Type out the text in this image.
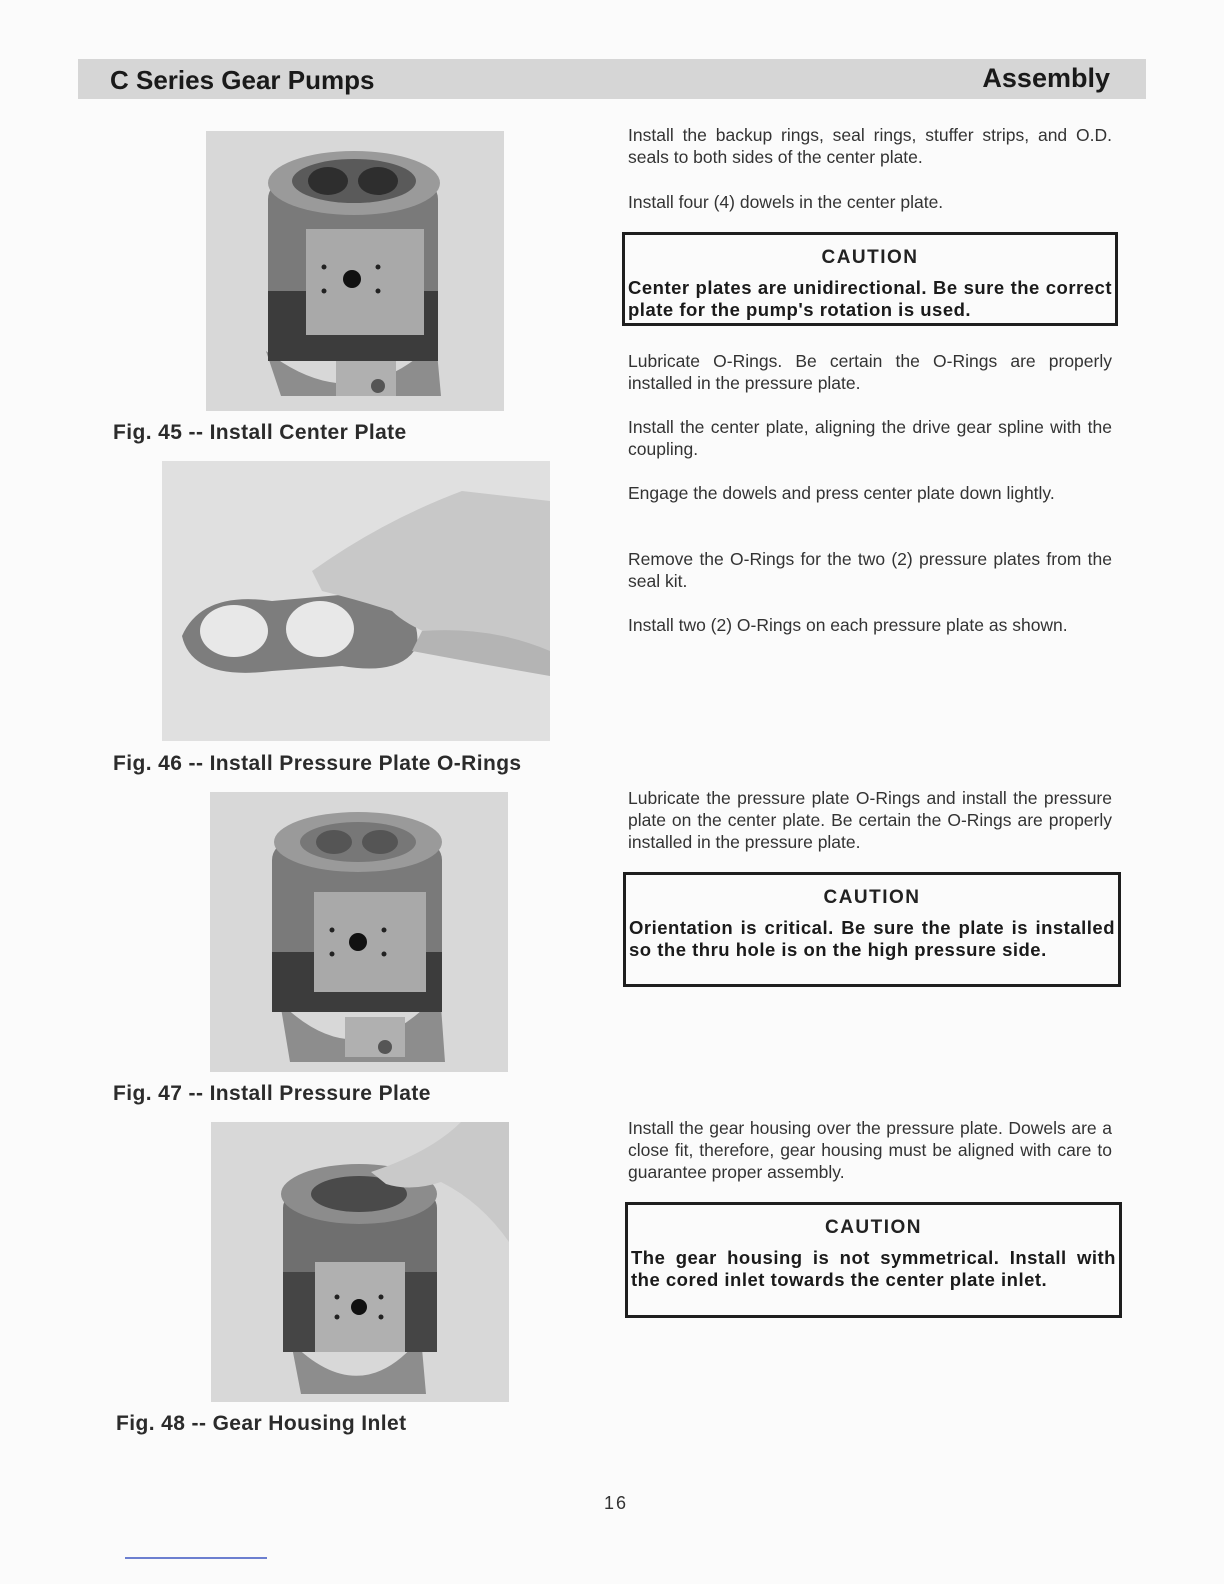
C Series Gear Pumps	Assembly
Fig. 45 -- Install Center Plate
Fig. 46 -- Install Pressure Plate O-Rings
Fig. 47 -- Install Pressure Plate
Fig. 48 -- Gear Housing Inlet

Install the backup rings, seal rings, stuffer strips, and O.D. seals to both sides of the center plate.

Install four (4) dowels in the center plate.

CAUTION
Center plates are unidirectional. Be sure the correct plate for the pump's rotation is used.

Lubricate O-Rings. Be certain the O-Rings are properly installed in the pressure plate.

Install the center plate, aligning the drive gear spline with the coupling.

Engage the dowels and press center plate down lightly.

Remove the O-Rings for the two (2) pressure plates from the seal kit.

Install two (2) O-Rings on each pressure plate as shown.

Lubricate the pressure plate O-Rings and install the pressure plate on the center plate. Be certain the O-Rings are properly installed in the pressure plate.

CAUTION
Orientation is critical. Be sure the plate is installed so the thru hole is on the high pressure side.

Install the gear housing over the pressure plate. Dowels are a close fit, therefore, gear housing must be aligned with care to guarantee proper assembly.

CAUTION
The gear housing is not symmetrical. Install with the cored inlet towards the center plate inlet.
16
